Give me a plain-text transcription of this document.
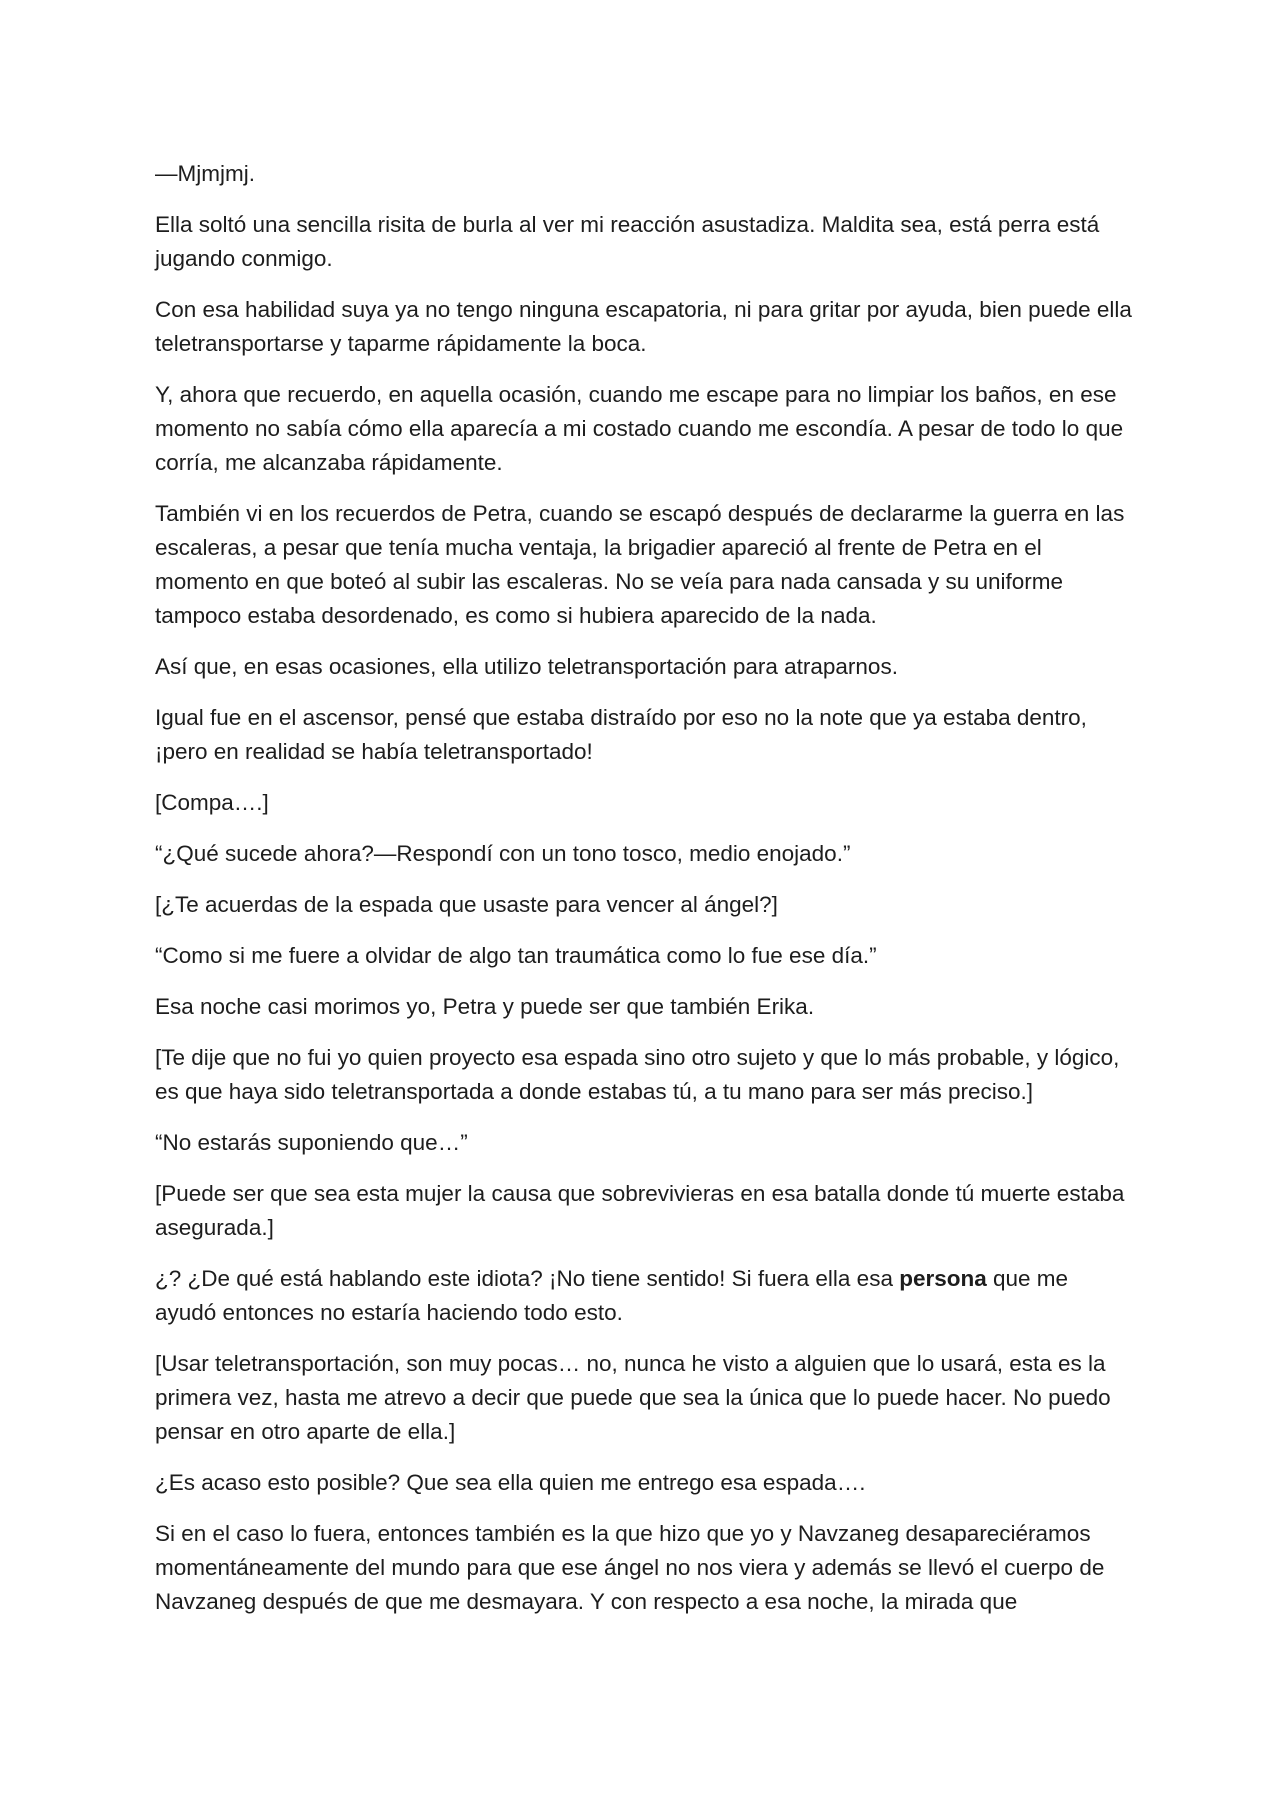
—Mjmjmj.

Ella soltó una sencilla risita de burla al ver mi reacción asustadiza. Maldita sea, está perra está jugando conmigo.

Con esa habilidad suya ya no tengo ninguna escapatoria, ni para gritar por ayuda, bien puede ella teletransportarse y taparme rápidamente la boca.

Y, ahora que recuerdo, en aquella ocasión, cuando me escape para no limpiar los baños, en ese momento no sabía cómo ella aparecía a mi costado cuando me escondía. A pesar de todo lo que corría, me alcanzaba rápidamente.

También vi en los recuerdos de Petra, cuando se escapó después de declararme la guerra en las escaleras, a pesar que tenía mucha ventaja, la brigadier apareció al frente de Petra en el momento en que boteó al subir las escaleras. No se veía para nada cansada y su uniforme tampoco estaba desordenado, es como si hubiera aparecido de la nada.

Así que, en esas ocasiones, ella utilizo teletransportación para atraparnos.

Igual fue en el ascensor, pensé que estaba distraído por eso no la note que ya estaba dentro, ¡pero en realidad se había teletransportado!

[Compa….]

“¿Qué sucede ahora?—Respondí con un tono tosco, medio enojado.”

[¿Te acuerdas de la espada que usaste para vencer al ángel?]

“Como si me fuere a olvidar de algo tan traumática como lo fue ese día.”

Esa noche casi morimos yo, Petra y puede ser que también Erika.

[Te dije que no fui yo quien proyecto esa espada sino otro sujeto y que lo más probable, y lógico, es que haya sido teletransportada a donde estabas tú, a tu mano para ser más preciso.]

“No estarás suponiendo que…”

[Puede ser que sea esta mujer la causa que sobrevivieras en esa batalla donde tú muerte estaba asegurada.]

¿? ¿De qué está hablando este idiota? ¡No tiene sentido! Si fuera ella esa persona que me ayudó entonces no estaría haciendo todo esto.

[Usar teletransportación, son muy pocas… no, nunca he visto a alguien que lo usará, esta es la primera vez, hasta me atrevo a decir que puede que sea la única que lo puede hacer. No puedo pensar en otro aparte de ella.]

¿Es acaso esto posible? Que sea ella quien me entrego esa espada….

Si en el caso lo fuera, entonces también es la que hizo que yo y Navzaneg desapareciéramos momentáneamente del mundo para que ese ángel no nos viera y además se llevó el cuerpo de Navzaneg después de que me desmayara. Y con respecto a esa noche, la mirada que
